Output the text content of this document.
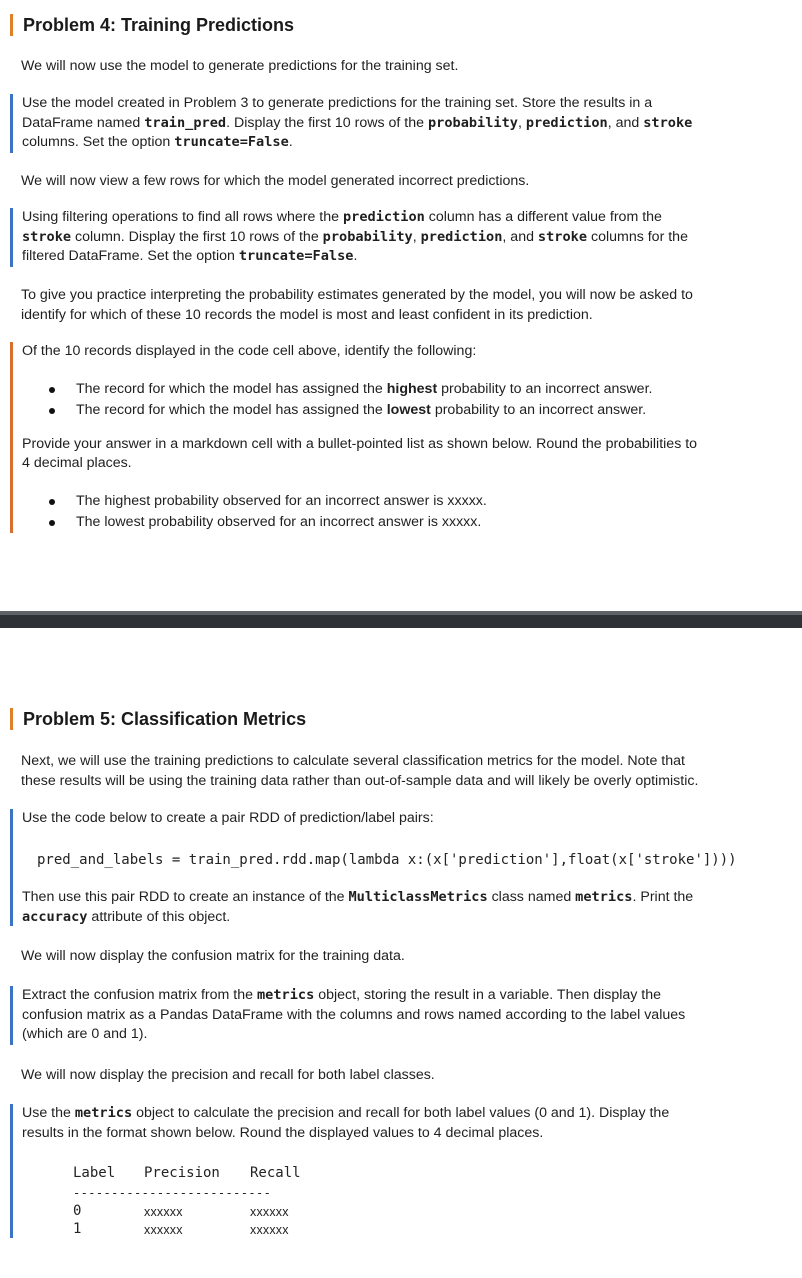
Problem 4: Training Predictions
We will now use the model to generate predictions for the training set.
Use the model created in Problem 3 to generate predictions for the training set. Store the results in a
DataFrame named train_pred. Display the first 10 rows of the probability, prediction, and stroke
columns. Set the option truncate=False.
We will now view a few rows for which the model generated incorrect predictions.
Using filtering operations to find all rows where the prediction column has a different value from the
stroke column. Display the first 10 rows of the probability, prediction, and stroke columns for the
filtered DataFrame. Set the option truncate=False.
To give you practice interpreting the probability estimates generated by the model, you will now be asked to
identify for which of these 10 records the model is most and least confident in its prediction.
Of the 10 records displayed in the code cell above, identify the following:
The record for which the model has assigned the highest probability to an incorrect answer.
The record for which the model has assigned the lowest probability to an incorrect answer.
Provide your answer in a markdown cell with a bullet-pointed list as shown below. Round the probabilities to
4 decimal places.
The highest probability observed for an incorrect answer is xxxxx.
The lowest probability observed for an incorrect answer is xxxxx.
Problem 5: Classification Metrics
Next, we will use the training predictions to calculate several classification metrics for the model. Note that
these results will be using the training data rather than out-of-sample data and will likely be overly optimistic.
Use the code below to create a pair RDD of prediction/label pairs:
pred_and_labels = train_pred.rdd.map(lambda x:(x['prediction'],float(x['stroke'])))
Then use this pair RDD to create an instance of the MulticlassMetrics class named metrics. Print the
accuracy attribute of this object.
We will now display the confusion matrix for the training data.
Extract the confusion matrix from the metrics object, storing the result in a variable. Then display the
confusion matrix as a Pandas DataFrame with the columns and rows named according to the label values
(which are 0 and 1).
We will now display the precision and recall for both label classes.
Use the metrics object to calculate the precision and recall for both label values (0 and 1). Display the
results in the format shown below. Round the displayed values to 4 decimal places.
Label Precision Recall
--------------------------
0	xxxxxx	xxxxxx
1	xxxxxx	xxxxxx
